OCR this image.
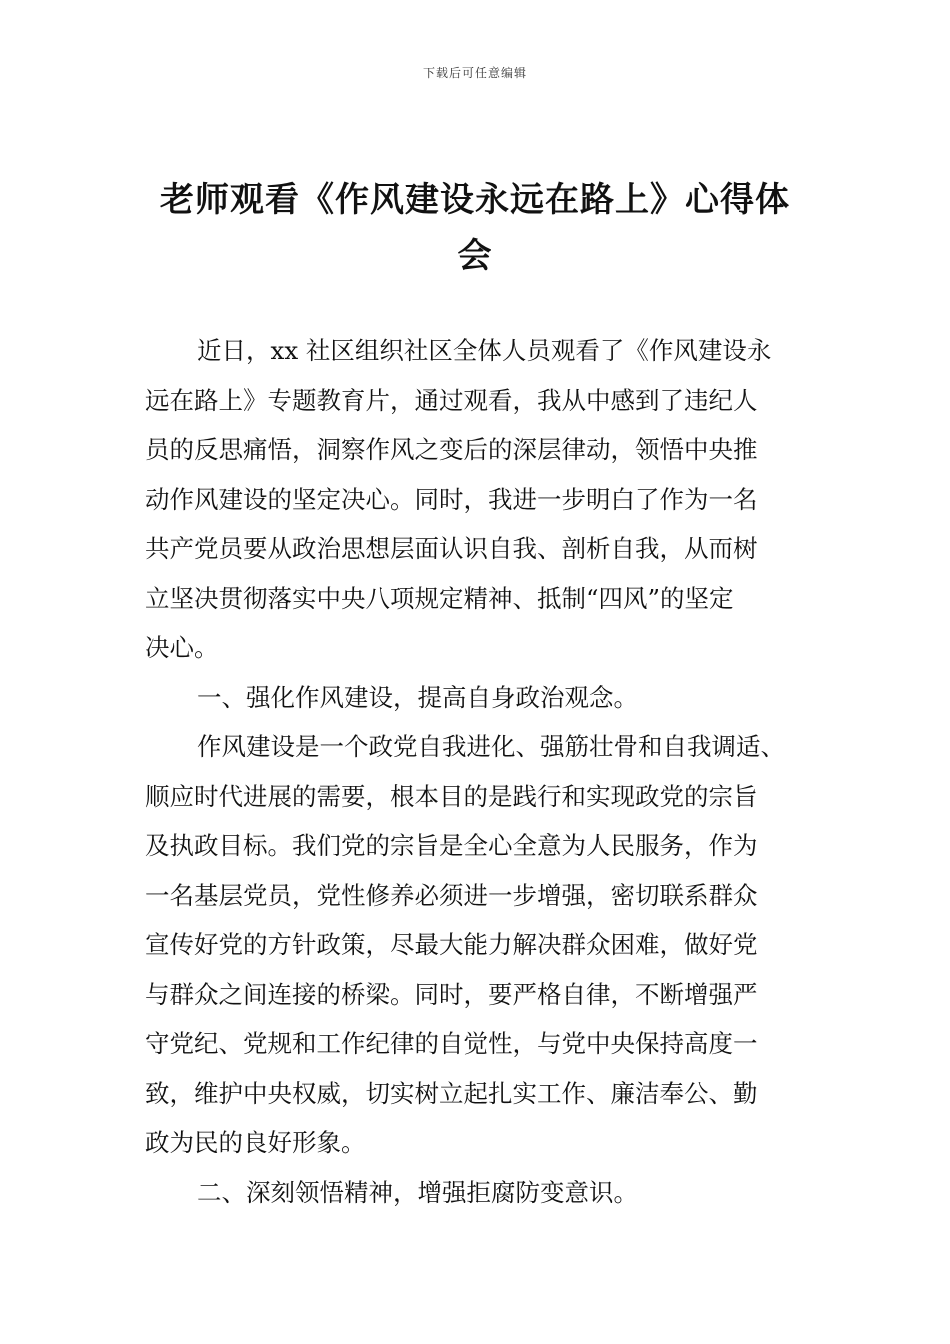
下载后可任意编辑
老师观看《作风建设永远在路上》心得体
会
近日，xx 社区组织社区全体人员观看了《作风建设永
远在路上》专题教育片，通过观看，我从中感到了违纪人
员的反思痛悟，洞察作风之变后的深层律动，领悟中央推
动作风建设的坚定决心。同时，我进一步明白了作为一名
共产党员要从政治思想层面认识自我、剖析自我，从而树
立坚决贯彻落实中央八项规定精神、抵制“四风”的坚定
决心。
一、强化作风建设，提高自身政治观念。
作风建设是一个政党自我进化、强筋壮骨和自我调适、
顺应时代进展的需要，根本目的是践行和实现政党的宗旨
及执政目标。我们党的宗旨是全心全意为人民服务，作为
一名基层党员，党性修养必须进一步增强，密切联系群众
宣传好党的方针政策，尽最大能力解决群众困难，做好党
与群众之间连接的桥梁。同时，要严格自律，不断增强严
守党纪、党规和工作纪律的自觉性，与党中央保持高度一
致，维护中央权威，切实树立起扎实工作、廉洁奉公、勤
政为民的良好形象。
二、深刻领悟精神，增强拒腐防变意识。
